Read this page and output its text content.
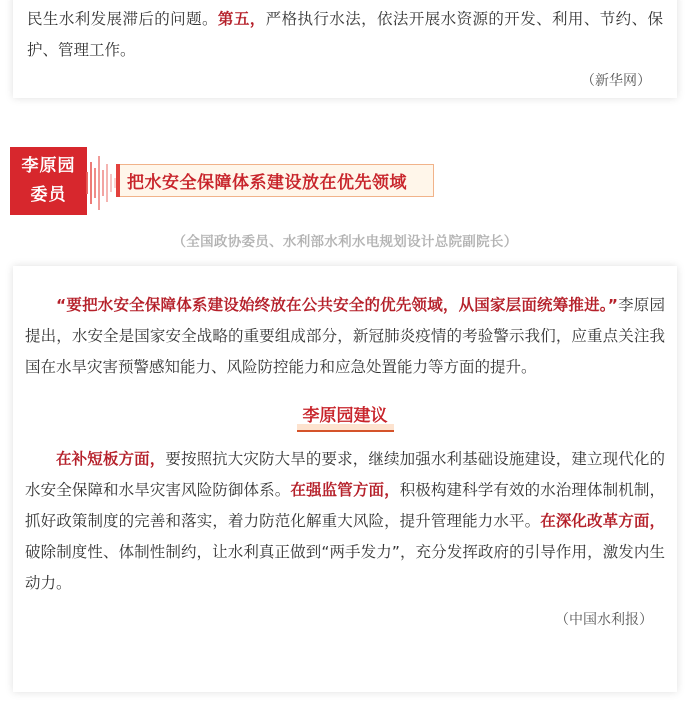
民生水利发展滞后的问题。第五，严格执行水法，依法开展水资源的开发、利用、节约、保护、管理工作。

（新华网）
李原园
委员
把水安全保障体系建设放在优先领域
（全国政协委员、水利部水利水电规划设计总院副院长）

“要把水安全保障体系建设始终放在公共安全的优先领域，从国家层面统筹推进。”李原园提出，水安全是国家安全战略的重要组成部分，新冠肺炎疫情的考验警示我们，应重点关注我国在水旱灾害预警感知能力、风险防控能力和应急处置能力等方面的提升。

李原园建议

在补短板方面，要按照抗大灾防大旱的要求，继续加强水利基础设施建设，建立现代化的水安全保障和水旱灾害风险防御体系。在强监管方面，积极构建科学有效的水治理体制机制，抓好政策制度的完善和落实，着力防范化解重大风险，提升管理能力水平。在深化改革方面，破除制度性、体制性制约，让水利真正做到“两手发力”，充分发挥政府的引导作用，激发内生动力。

（中国水利报）
